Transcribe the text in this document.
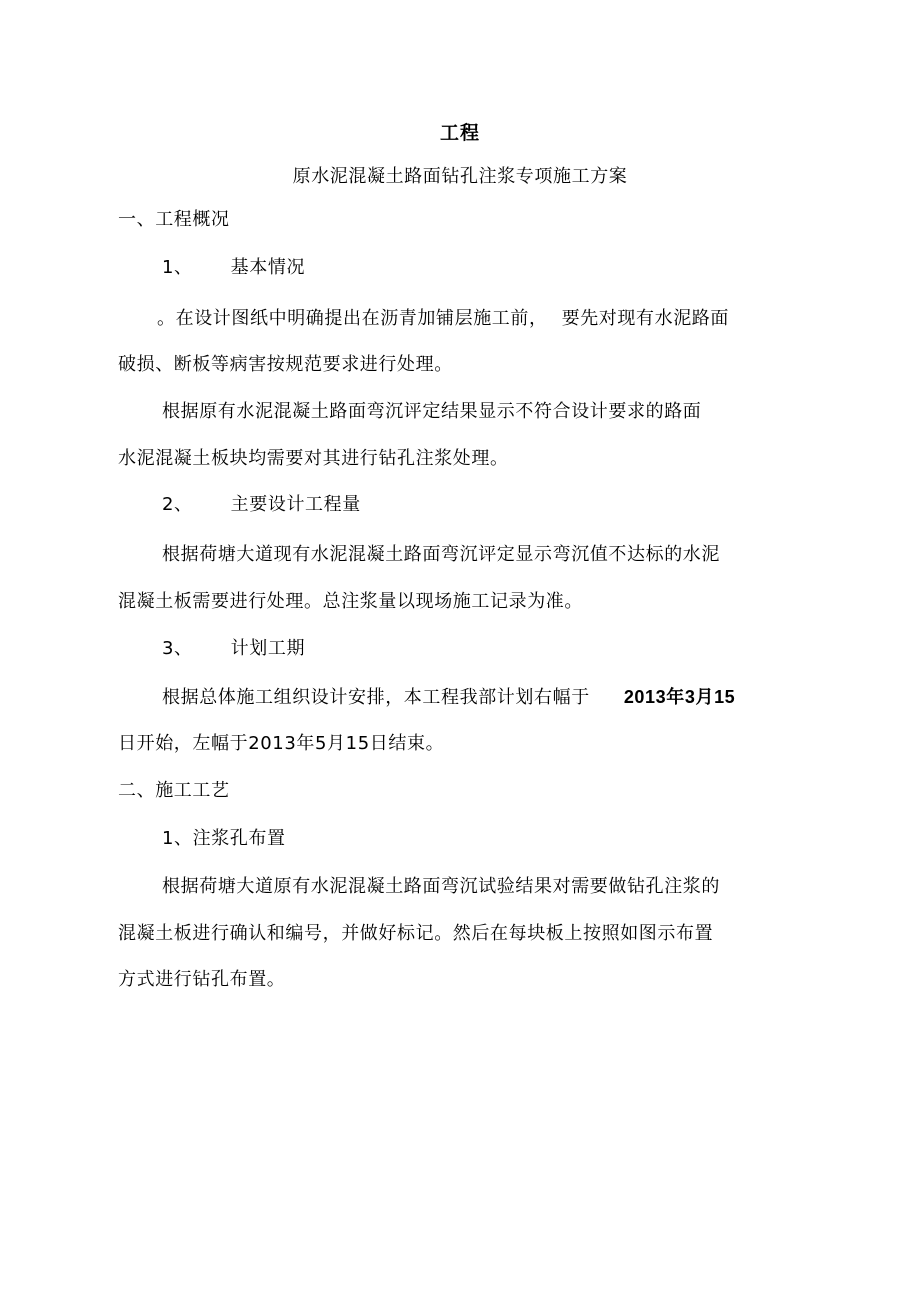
工程
原水泥混凝土路面钻孔注浆专项施工方案
一、工程概况
1、 基本情况
。在设计图纸中明确提出在沥青加铺层施工前， 要先对现有水泥路面
破损、断板等病害按规范要求进行处理。
根据原有水泥混凝土路面弯沉评定结果显示不符合设计要求的路面
水泥混凝土板块均需要对其进行钻孔注浆处理。
2、 主要设计工程量
根据荷塘大道现有水泥混凝土路面弯沉评定显示弯沉值不达标的水泥
混凝土板需要进行处理。总注浆量以现场施工记录为准。
3、 计划工期
根据总体施工组织设计安排，本工程我部计划右幅于 2013年3月15
日开始，左幅于2013年5月15日结束。
二、施工工艺
1、注浆孔布置
根据荷塘大道原有水泥混凝土路面弯沉试验结果对需要做钻孔注浆的
混凝土板进行确认和编号，并做好标记。然后在每块板上按照如图示布置
方式进行钻孔布置。
